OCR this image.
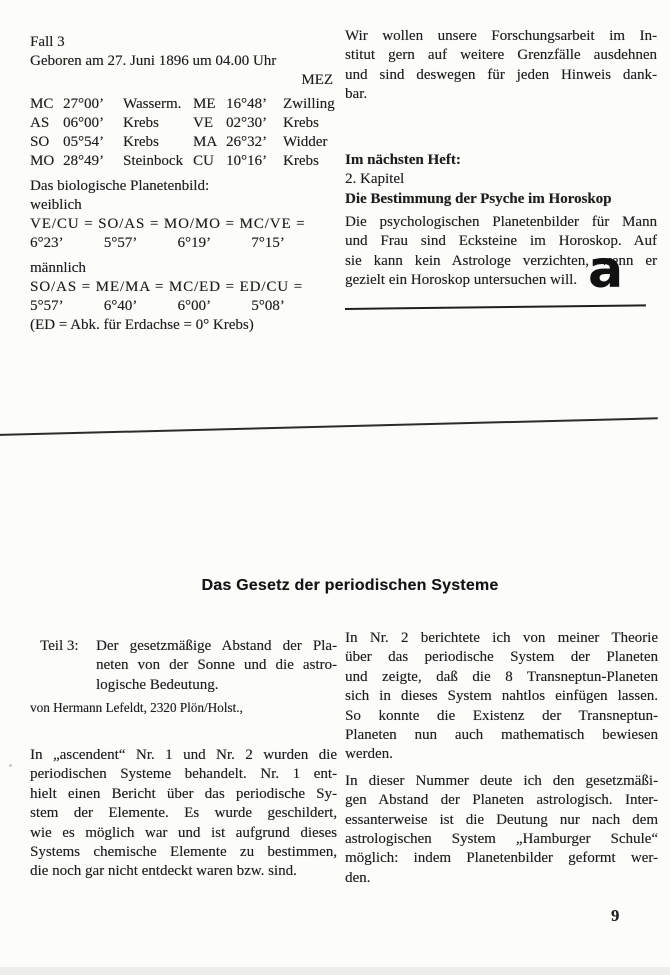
Fall 3
Geboren am 27. Juni 1896 um 04.00 Uhr
MEZ
MC 27°00’	Wasserm. ME 16°48’	Zwilling
AS 06°00’	Krebs	VE 02°30’	Krebs
SO 05°54’	Krebs	MA 26°32’	Widder
MO 28°49’	Steinbock CU 10°16’	Krebs
Das biologische Planetenbild:
weiblich
VE/CU = SO/AS = MO/MO = MC/VE =
6°23’	5°57’	6°19’	7°15’
männlich
SO/AS = ME/MA = MC/ED = ED/CU =
5°57’	6°40’	6°00’	5°08’
(ED = Abk. für Erdachse = 0° Krebs)
Wir wollen unsere Forschungsarbeit im In-
stitut gern auf weitere Grenzfälle ausdehnen
und sind deswegen für jeden Hinweis dank-
bar.
Im nächsten Heft:
2. Kapitel
Die Bestimmung der Psyche im Horoskop
Die psychologischen Planetenbilder für Mann
und Frau sind Ecksteine im Horoskop. Auf
sie kann kein Astrologe verzichten, wenn er
gezielt ein Horoskop untersuchen will. a
Das Gesetz der periodischen Systeme
Teil 3:	Der gesetzmäßige Abstand der Pla-
neten von der Sonne und die astro-
logische Bedeutung.
von Hermann Lefeldt, 2320 Plön/Holst.,
In „ascendent“ Nr. 1 und Nr. 2 wurden die
periodischen Systeme behandelt. Nr. 1 ent-
hielt einen Bericht über das periodische Sy-
stem der Elemente. Es wurde geschildert,
wie es möglich war und ist aufgrund dieses
Systems chemische Elemente zu bestimmen,
die noch gar nicht entdeckt waren bzw. sind.
In Nr. 2 berichtete ich von meiner Theorie
über das periodische System der Planeten
und zeigte, daß die 8 Transneptun-Planeten
sich in dieses System nahtlos einfügen lassen.
So konnte die Existenz der Transneptun-
Planeten nun auch mathematisch bewiesen
werden.
In dieser Nummer deute ich den gesetzmäßi-
gen Abstand der Planeten astrologisch. Inter-
essanterweise ist die Deutung nur nach dem
astrologischen System „Hamburger Schule“
möglich: indem Planetenbilder geformt wer-
den.
9
